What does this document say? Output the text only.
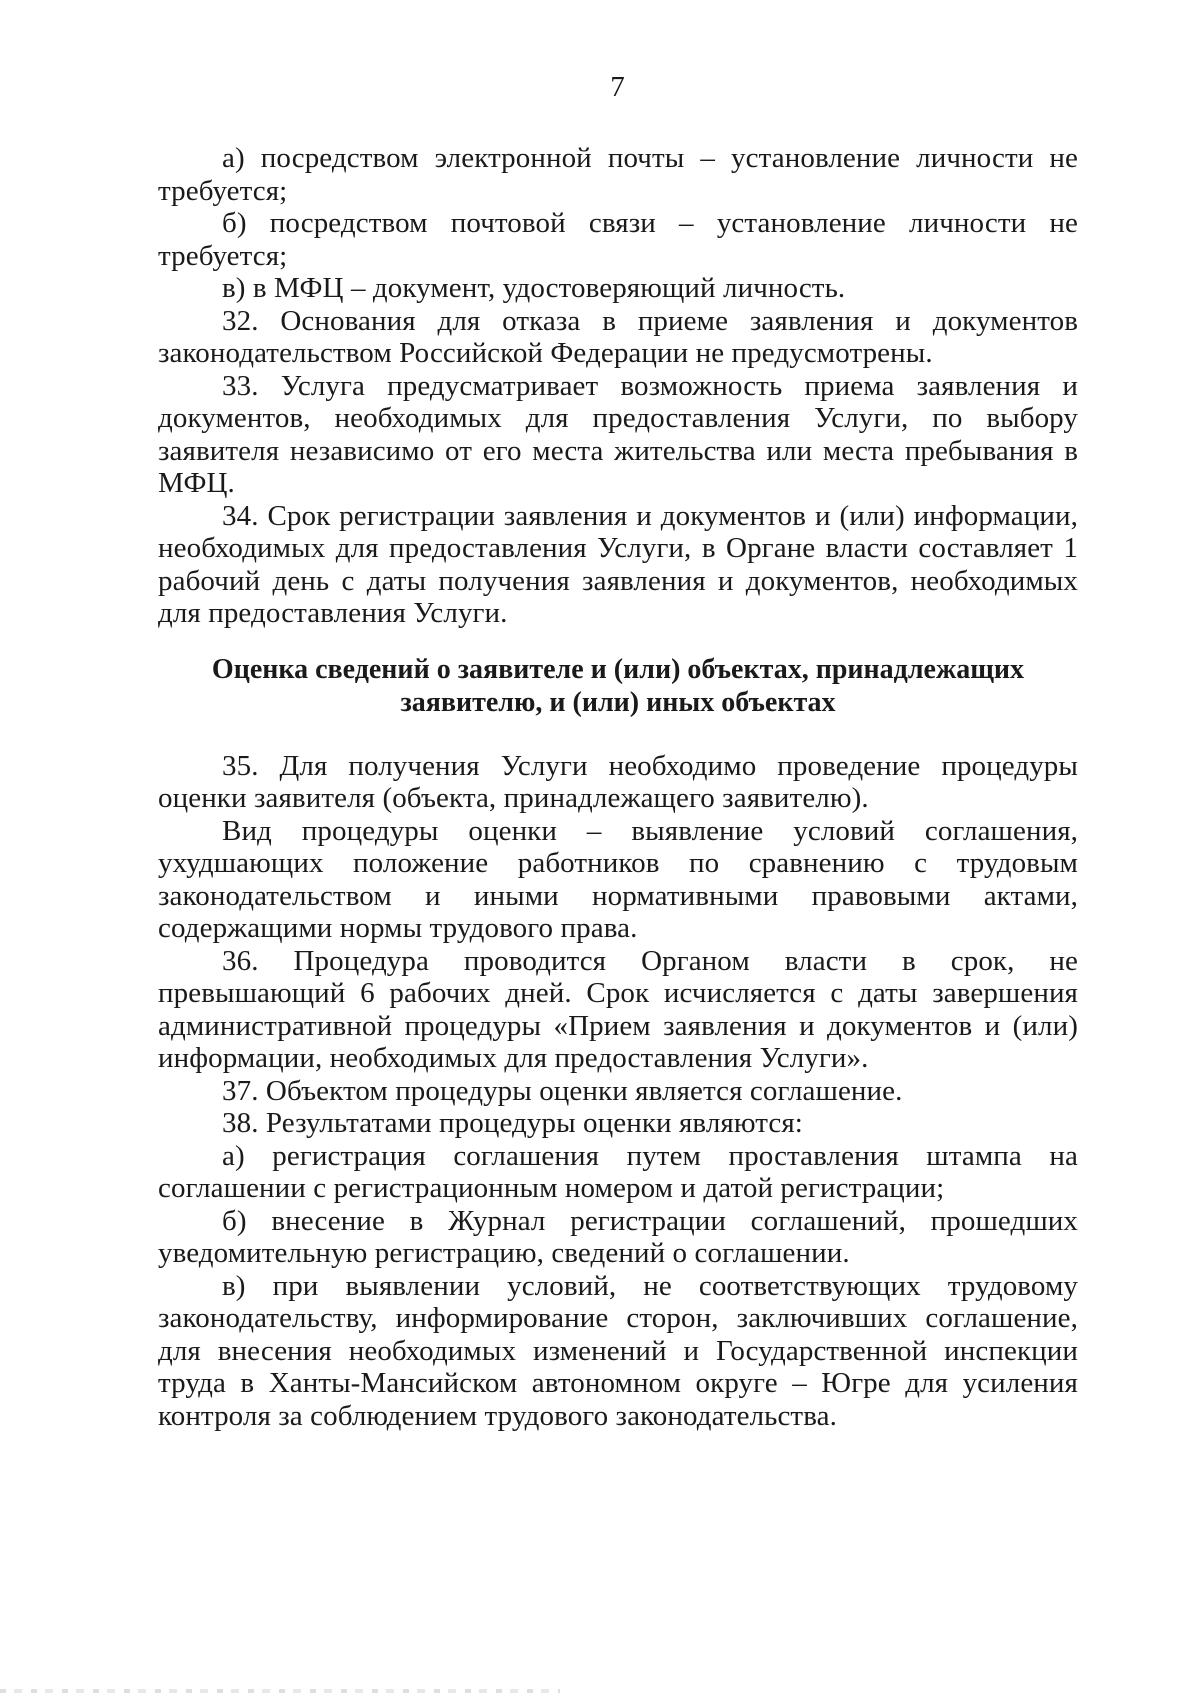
7

а) посредством электронной почты – установление личности не требуется;

б) посредством почтовой связи – установление личности не требуется;

в) в МФЦ – документ, удостоверяющий личность.

32. Основания для отказа в приеме заявления и документов законодательством Российской Федерации не предусмотрены.

33. Услуга предусматривает возможность приема заявления и документов, необходимых для предоставления Услуги, по выбору заявителя независимо от его места жительства или места пребывания в МФЦ.

34. Срок регистрации заявления и документов и (или) информации, необходимых для предоставления Услуги, в Органе власти составляет 1 рабочий день с даты получения заявления и документов, необходимых для предоставления Услуги.

Оценка сведений о заявителе и (или) объектах, принадлежащих заявителю, и (или) иных объектах

35. Для получения Услуги необходимо проведение процедуры оценки заявителя (объекта, принадлежащего заявителю).

Вид процедуры оценки – выявление условий соглашения, ухудшающих положение работников по сравнению с трудовым законодательством и иными нормативными правовыми актами, содержащими нормы трудового права.

36. Процедура проводится Органом власти в срок, не превышающий 6 рабочих дней. Срок исчисляется с даты завершения административной процедуры «Прием заявления и документов и (или) информации, необходимых для предоставления Услуги».

37. Объектом процедуры оценки является соглашение.

38. Результатами процедуры оценки являются:

а) регистрация соглашения путем проставления штампа на соглашении с регистрационным номером и датой регистрации;

б) внесение в Журнал регистрации соглашений, прошедших уведомительную регистрацию, сведений о соглашении.

в) при выявлении условий, не соответствующих трудовому законодательству, информирование сторон, заключивших соглашение, для внесения необходимых изменений и Государственной инспекции труда в Ханты-Мансийском автономном округе – Югре для усиления контроля за соблюдением трудового законодательства.
